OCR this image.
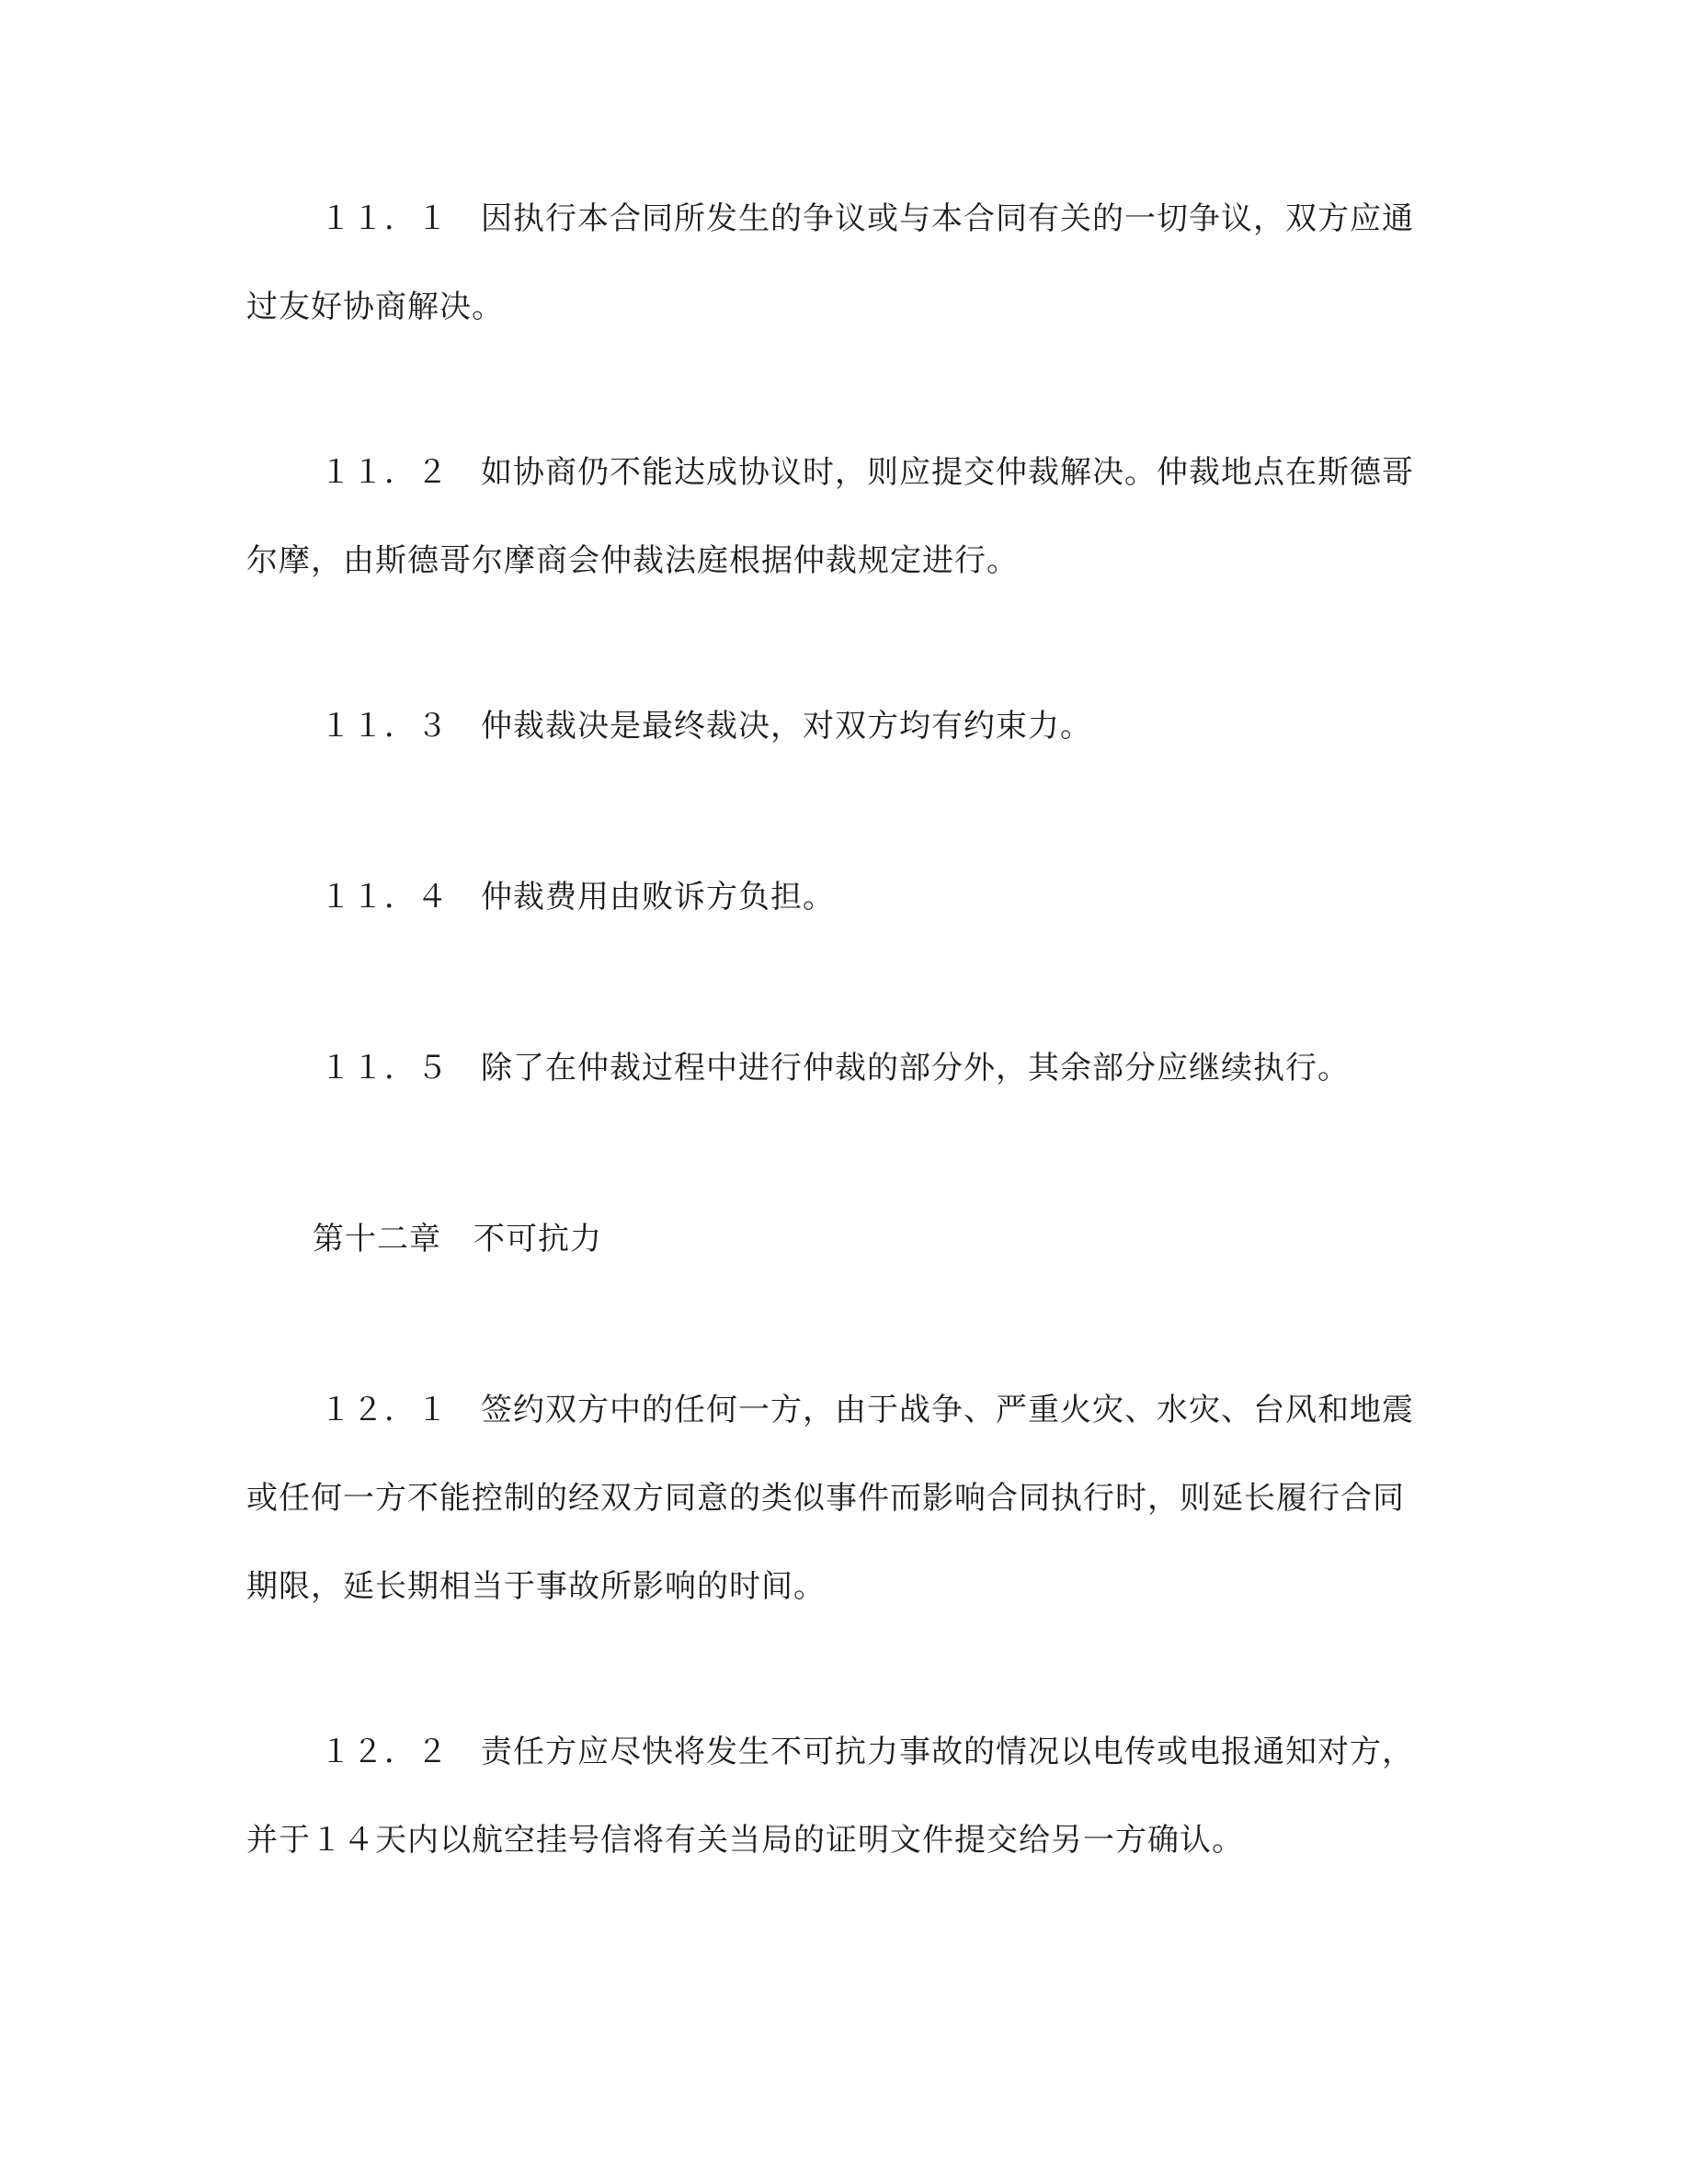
１１．１　因执行本合同所发生的争议或与本合同有关的一切争议，双方应通过友好协商解决。

１１．２　如协商仍不能达成协议时，则应提交仲裁解决。仲裁地点在斯德哥尔摩，由斯德哥尔摩商会仲裁法庭根据仲裁规定进行。

１１．３　仲裁裁决是最终裁决，对双方均有约束力。

１１．４　仲裁费用由败诉方负担。

１１．５　除了在仲裁过程中进行仲裁的部分外，其余部分应继续执行。

第十二章　不可抗力

１２．１　签约双方中的任何一方，由于战争、严重火灾、水灾、台风和地震或任何一方不能控制的经双方同意的类似事件而影响合同执行时，则延长履行合同期限，延长期相当于事故所影响的时间。

１２．２　责任方应尽快将发生不可抗力事故的情况以电传或电报通知对方，并于１４天内以航空挂号信将有关当局的证明文件提交给另一方确认。
